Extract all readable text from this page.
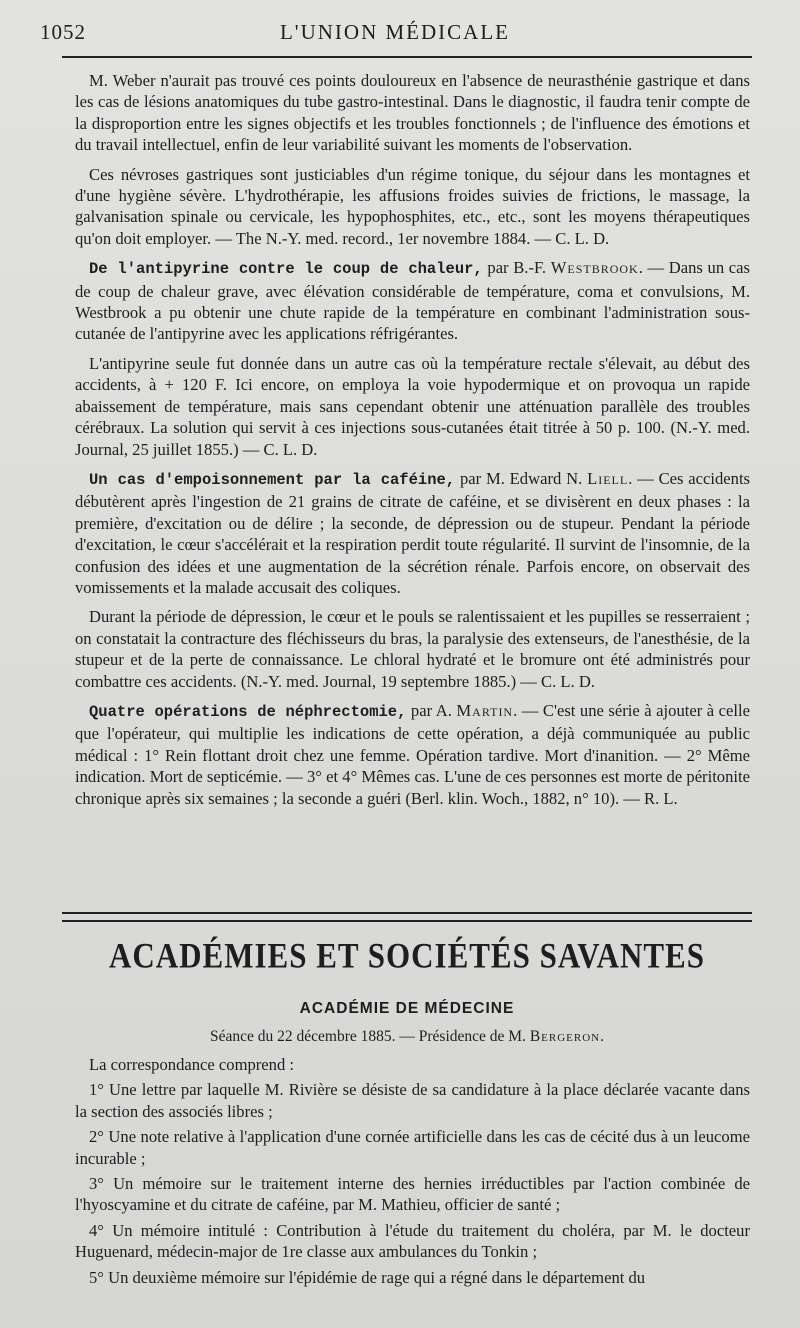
1052	L'UNION MÉDICALE

M. Weber n'aurait pas trouvé ces points douloureux en l'absence de neurasthénie gastrique et dans les cas de lésions anatomiques du tube gastro-intestinal. Dans le diagnostic, il faudra tenir compte de la disproportion entre les signes objectifs et les troubles fonctionnels ; de l'influence des émotions et du travail intellectuel, enfin de leur variabilité suivant les moments de l'observation.

Ces névroses gastriques sont justiciables d'un régime tonique, du séjour dans les montagnes et d'une hygiène sévère. L'hydrothérapie, les affusions froides suivies de frictions, le massage, la galvanisation spinale ou cervicale, les hypophosphites, etc., etc., sont les moyens thérapeutiques qu'on doit employer. — The N.-Y. med. record., 1er novembre 1884. — C. L. D.

De l'antipyrine contre le coup de chaleur, par B.-F. Westbrook. — Dans un cas de coup de chaleur grave, avec élévation considérable de température, coma et convulsions, M. Westbrook a pu obtenir une chute rapide de la température en combinant l'administration sous-cutanée de l'antipyrine avec les applications réfrigérantes.

L'antipyrine seule fut donnée dans un autre cas où la température rectale s'élevait, au début des accidents, à + 120 F. Ici encore, on employa la voie hypodermique et on provoqua un rapide abaissement de température, mais sans cependant obtenir une atténuation parallèle des troubles cérébraux. La solution qui servit à ces injections sous-cutanées était titrée à 50 p. 100. (N.-Y. med. Journal, 25 juillet 1855.) — C. L. D.

Un cas d'empoisonnement par la caféine, par M. Edward N. Liell. — Ces accidents débutèrent après l'ingestion de 21 grains de citrate de caféine, et se divisèrent en deux phases : la première, d'excitation ou de délire ; la seconde, de dépression ou de stupeur. Pendant la période d'excitation, le cœur s'accélérait et la respiration perdit toute régularité. Il survint de l'insomnie, de la confusion des idées et une augmentation de la sécrétion rénale. Parfois encore, on observait des vomissements et la malade accusait des coliques.

Durant la période de dépression, le cœur et le pouls se ralentissaient et les pupilles se resserraient ; on constatait la contracture des fléchisseurs du bras, la paralysie des extenseurs, de l'anesthésie, de la stupeur et de la perte de connaissance. Le chloral hydraté et le bromure ont été administrés pour combattre ces accidents. (N.-Y. med. Journal, 19 septembre 1885.) — C. L. D.

Quatre opérations de néphrectomie, par A. Martin. — C'est une série à ajouter à celle que l'opérateur, qui multiplie les indications de cette opération, a déjà communiquée au public médical : 1° Rein flottant droit chez une femme. Opération tardive. Mort d'inanition. — 2° Même indication. Mort de septicémie. — 3° et 4° Mêmes cas. L'une de ces personnes est morte de péritonite chronique après six semaines ; la seconde a guéri (Berl. klin. Woch., 1882, n° 10). — R. L.

ACADÉMIES ET SOCIÉTÉS SAVANTES
ACADÉMIE DE MÉDECINE
Séance du 22 décembre 1885. — Présidence de M. Bergeron.

La correspondance comprend :

1° Une lettre par laquelle M. Rivière se désiste de sa candidature à la place déclarée vacante dans la section des associés libres ;

2° Une note relative à l'application d'une cornée artificielle dans les cas de cécité dus à un leucome incurable ;

3° Un mémoire sur le traitement interne des hernies irréductibles par l'action combinée de l'hyoscyamine et du citrate de caféine, par M. Mathieu, officier de santé ;

4° Un mémoire intitulé : Contribution à l'étude du traitement du choléra, par M. le docteur Huguenard, médecin-major de 1re classe aux ambulances du Tonkin ;

5° Un deuxième mémoire sur l'épidémie de rage qui a régné dans le département du
